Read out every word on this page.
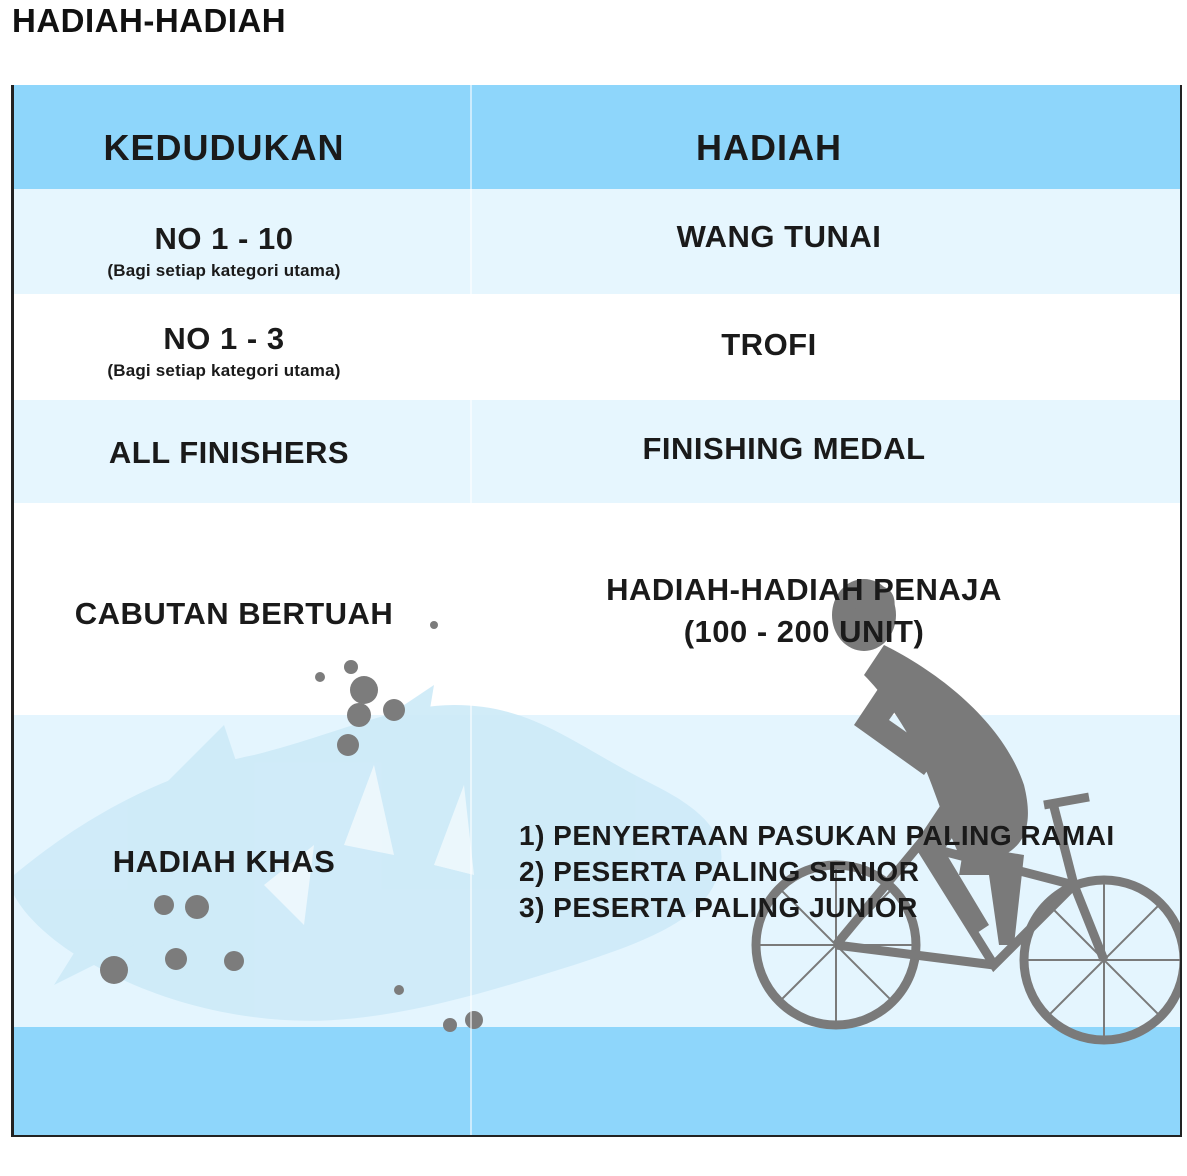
HADIAH-HADIAH
KEDUDUKAN	HADIAH
NO 1 - 10
(Bagi setiap kategori utama)
WANG TUNAI
NO 1 - 3
(Bagi setiap kategori utama)
TROFI
ALL FINISHERS	FINISHING MEDAL
CABUTAN BERTUAH
HADIAH-HADIAH PENAJA
(100 - 200 UNIT)
HADIAH KHAS
1) PENYERTAAN PASUKAN PALING RAMAI
2) PESERTA PALING SENIOR
3) PESERTA PALING JUNIOR
